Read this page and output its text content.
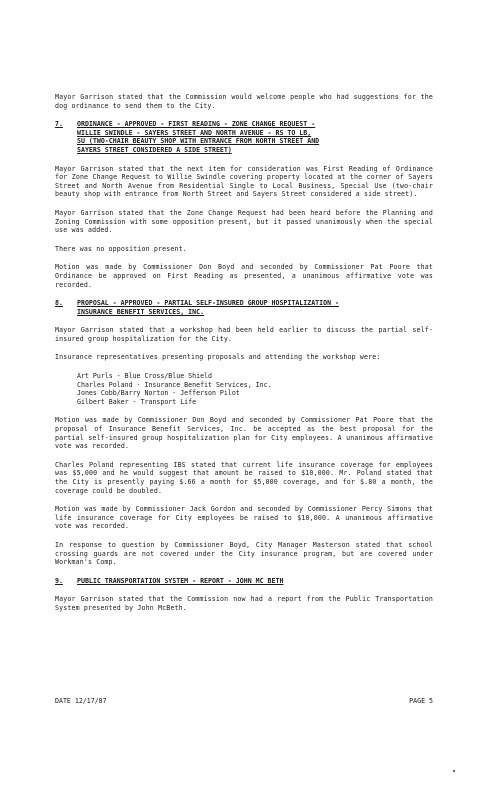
Mayor Garrison stated that the Commission would welcome people who had suggestions for the dog ordinance to send them to the City.

7.	ORDINANCE - APPROVED - FIRST READING - ZONE CHANGE REQUEST -
WILLIE SWINDLE - SAYERS STREET AND NORTH AVENUE - RS TO LB,
SU (TWO-CHAIR BEAUTY SHOP WITH ENTRANCE FROM NORTH STREET AND
SAYERS STREET CONSIDERED A SIDE STREET)

Mayor Garrison stated that the next item for consideration was First Reading of Ordinance for Zone Change Request to Willie Swindle covering property located at the corner of Sayers Street and North Avenue from Residential Single to Local Business, Special Use (two-chair beauty shop with entrance from North Street and Sayers Street considered a side street).

Mayor Garrison stated that the Zone Change Request had been heard before the Planning and Zoning Commission with some opposition present, but it passed unanimously when the special use was added.

There was no opposition present.

Motion was made by Commissioner Don Boyd and seconded by Commissioner Pat Poore that Ordinance be approved on First Reading as presented, a unanimous affirmative vote was recorded.

8.	PROPOSAL - APPROVED - PARTIAL SELF-INSURED GROUP HOSPITALIZATION -
INSURANCE BENEFIT SERVICES, INC.

Mayor Garrison stated that a workshop had been held earlier to discuss the partial self-insured group hospitalization for the City.

Insurance representatives presenting proposals and attending the workshop were:

Art Purls - Blue Cross/Blue Shield
Charles Poland - Insurance Benefit Services, Inc.
Jones Cobb/Barry Norton - Jefferson Pilot
Gilbert Baker - Transport Life

Motion was made by Commissioner Don Boyd and seconded by Commissioner Pat Poore that the proposal of Insurance Benefit Services, Inc. be accepted as the best proposal for the partial self-insured group hospitalization plan for City employees. A unanimous affirmative vote was recorded.

Charles Poland representing IBS stated that current life insurance coverage for employees was $5,000 and he would suggest that amount be raised to $10,000. Mr. Poland stated that the City is presently paying $.66 a month for $5,000 coverage, and for $.80 a month, the coverage could be doubled.

Motion was made by Commissioner Jack Gordon and seconded by Commissioner Percy Simons that life insurance coverage for City employees be raised to $10,000. A unanimous affirmative vote was recorded.

In response to question by Commissioner Boyd, City Manager Masterson stated that school crossing guards are not covered under the City insurance program, but are covered under Workman's Comp.

9.	PUBLIC TRANSPORTATION SYSTEM - REPORT - JOHN MC BETH

Mayor Garrison stated that the Commission now had a report from the Public Transportation System presented by John McBeth.

DATE 12/17/87	PAGE 5
